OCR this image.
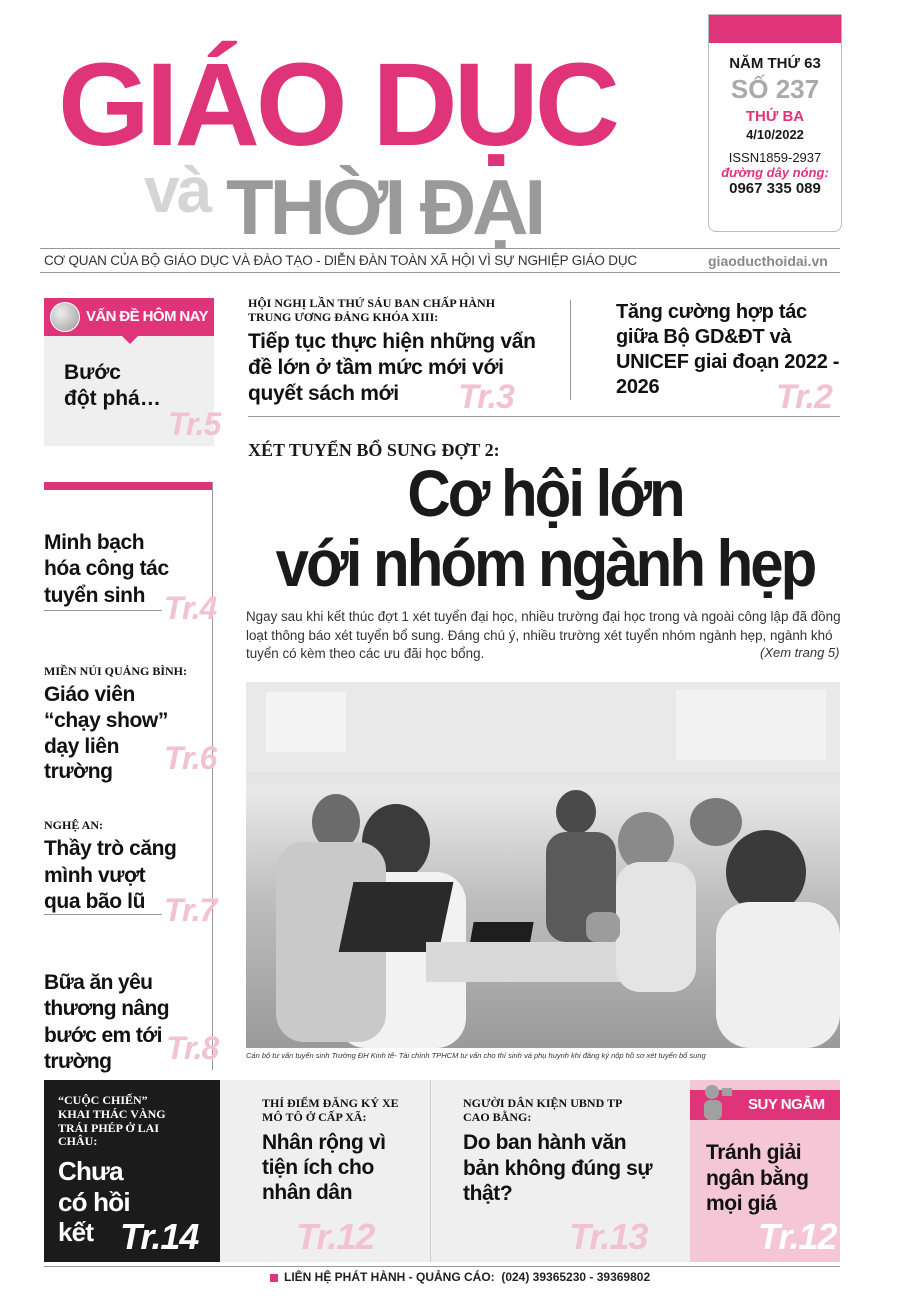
GIÁO DỤC
và THỜI ĐẠI
NĂM THỨ 63
SỐ 237
THỨ BA
4/10/2022
ISSN1859-2937
đường dây nóng:
0967 335 089
CƠ QUAN CỦA BỘ GIÁO DỤC VÀ ĐÀO TẠO - DIỄN ĐÀN TOÀN XÃ HỘI VÌ SỰ NGHIỆP GIÁO DỤC	giaoducthoidai.vn
VẤN ĐỀ HÔM NAY
Bước
đột phá…
Tr.5
HỘI NGHỊ LẦN THỨ SÁU BAN CHẤP HÀNH TRUNG ƯƠNG ĐẢNG KHÓA XIII:
Tiếp tục thực hiện những vấn đề lớn ở tầm mức mới với quyết sách mới	Tr.3
Tăng cường hợp tác giữa Bộ GD&ĐT và UNICEF giai đoạn 2022 - 2026	Tr.2
XÉT TUYỂN BỔ SUNG ĐỢT 2:
Cơ hội lớn
với nhóm ngành hẹp
Ngay sau khi kết thúc đợt 1 xét tuyển đại học, nhiều trường đại học trong và ngoài công lập đã đồng loạt thông báo xét tuyển bổ sung. Đáng chú ý, nhiều trường xét tuyển nhóm ngành hẹp, ngành khó tuyển có kèm theo các ưu đãi học bổng.	(Xem trang 5)
Cán bộ tư vấn tuyển sinh Trường ĐH Kinh tế- Tài chính TPHCM tư vấn cho thí sinh và phụ huynh khi đăng ký nộp hồ sơ xét tuyển bổ sung
Minh bạch hóa công tác tuyển sinh Tr.4
MIỀN NÚI QUẢNG BÌNH:
Giáo viên “chạy show” dạy liên trường	Tr.6
NGHỆ AN:
Thầy trò căng mình vượt qua bão lũ Tr.7
Bữa ăn yêu thương nâng bước em tới trường	Tr.8
“CUỘC CHIẾN” KHAI THÁC VÀNG TRÁI PHÉP Ở LAI CHÂU:
Chưa có hồi kết Tr.14
THÍ ĐIỂM ĐĂNG KÝ XE MÔ TÔ Ở CẤP XÃ:
Nhân rộng vì tiện ích cho nhân dân
Tr.12
NGƯỜI DÂN KIỆN UBND TP CAO BẰNG:
Do ban hành văn bản không đúng sự thật?
Tr.13
SUY NGẪM
Tránh giải ngân bằng mọi giá
Tr.12
LIÊN HỆ PHÁT HÀNH - QUẢNG CÁO:  (024) 39365230 - 39369802
